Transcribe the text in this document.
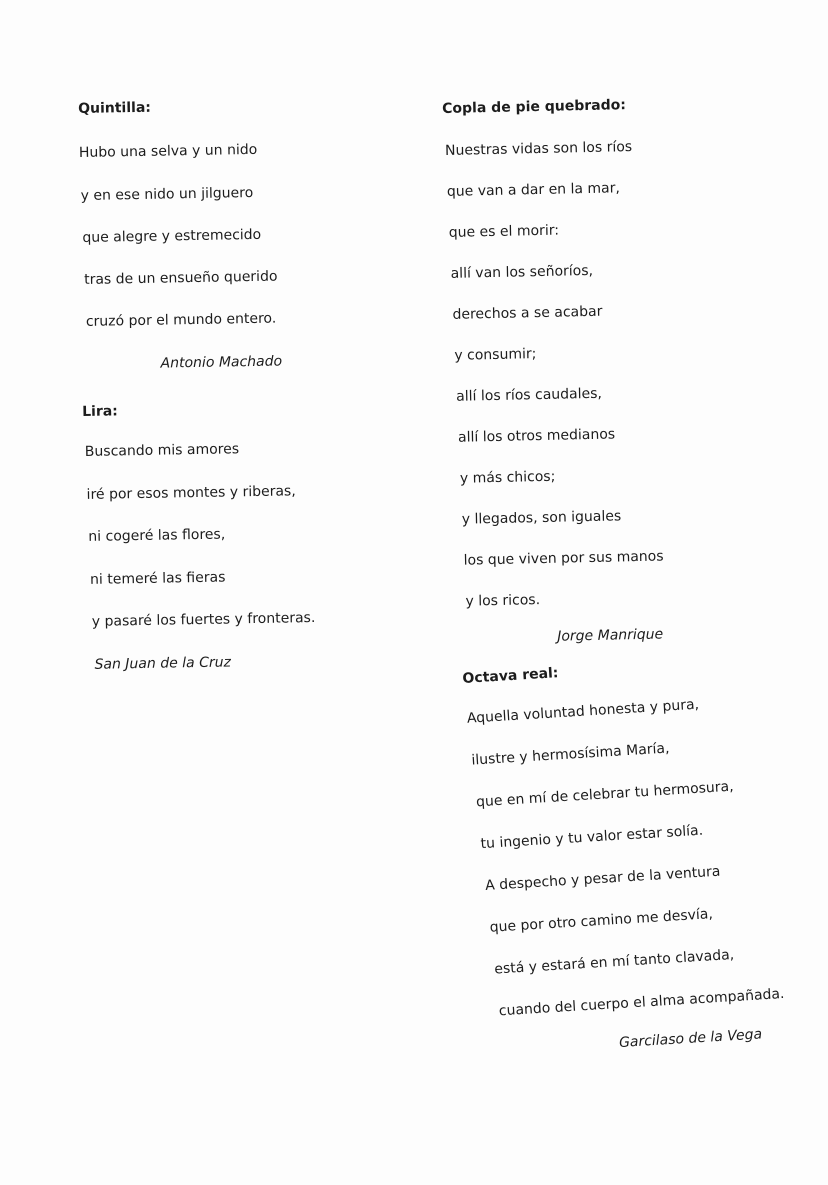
Quintilla:
Hubo una selva y un nido
y en ese nido un jilguero
que alegre y estremecido
tras de un ensueño querido
cruzó por el mundo entero.
Antonio Machado
Lira:
Buscando mis amores
iré por esos montes y riberas,
ni cogeré las flores,
ni temeré las fieras
y pasaré los fuertes y fronteras.
San Juan de la Cruz
Copla de pie quebrado:
Nuestras vidas son los ríos
que van a dar en la mar,
que es el morir:
allí van los señoríos,
derechos a se acabar
y consumir;
allí los ríos caudales,
allí los otros medianos
y más chicos;
y llegados, son iguales
los que viven por sus manos
y los ricos.
Jorge Manrique
Octava real:
Aquella voluntad honesta y pura,
ilustre y hermosísima María,
que en mí de celebrar tu hermosura,
tu ingenio y tu valor estar solía.
A despecho y pesar de la ventura
que por otro camino me desvía,
está y estará en mí tanto clavada,
cuando del cuerpo el alma acompañada.
Garcilaso de la Vega
